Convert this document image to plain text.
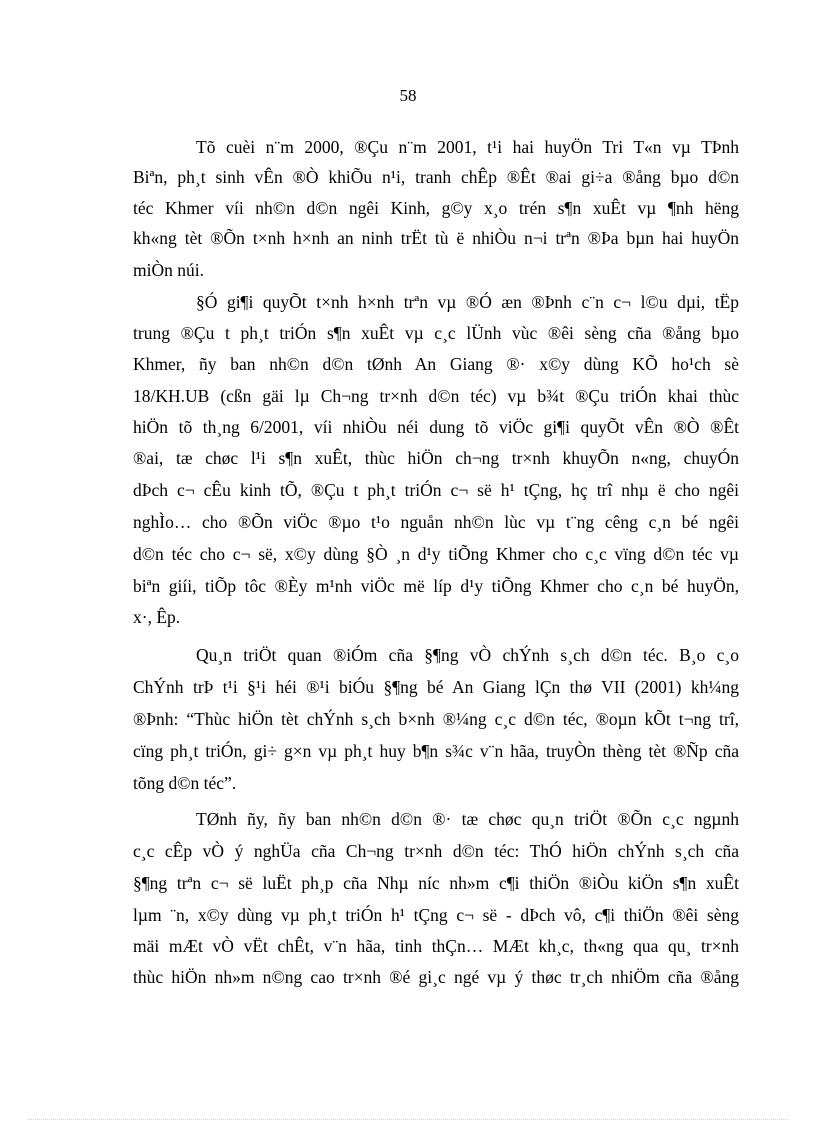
58
Tõ cuèi n¨m 2000, ®Çu n¨m 2001, t¹i hai huyÖn Tri T«n vµ TÞnh
Biªn, ph¸t sinh vÊn ®Ò khiÕu n¹i, tranh chÊp ®Êt ®ai gi÷a ®ång bµo d©n
téc Khmer víi nh©n d©n ngêi Kinh, g©y x¸o trén s¶n xuÊt vµ ¶nh hëng
kh«ng tèt ®Õn t×nh h×nh an ninh trËt tù ë nhiÒu n¬i trªn ®Þa bµn hai huyÖn
miÒn núi.
§Ó gi¶i quyÕt t×nh h×nh trªn vµ ®Ó æn ®Þnh c¨n c¬ l©u dµi, tËp
trung ®Çu t ph¸t triÓn s¶n xuÊt vµ c¸c lÜnh vùc ®êi sèng cña ®ång bµo
Khmer, ñy ban nh©n d©n tØnh An Giang ®· x©y dùng KÕ ho¹ch sè
18/KH.UB (cßn gäi lµ Ch¬ng tr×nh d©n téc) vµ b¾t ®Çu triÓn khai thùc
hiÖn tõ th¸ng 6/2001, víi nhiÒu néi dung tõ viÖc gi¶i quyÕt vÊn ®Ò ®Êt
®ai, tæ chøc l¹i s¶n xuÊt, thùc hiÖn ch¬ng tr×nh khuyÕn n«ng, chuyÓn
dÞch c¬ cÊu kinh tÕ, ®Çu t ph¸t triÓn c¬ së h¹ tÇng, hç trî nhµ ë cho ngêi
nghÌo… cho ®Õn viÖc ®µo t¹o nguån nh©n lùc vµ t¨ng cêng c¸n bé ngêi
d©n téc cho c¬ së, x©y dùng §Ò ¸n d¹y tiÕng Khmer cho c¸c vïng d©n téc vµ
biªn giíi, tiÕp tôc ®Èy m¹nh viÖc më líp d¹y tiÕng Khmer cho c¸n bé huyÖn,
x·, Êp.
Qu¸n triÖt quan ®iÓm cña §¶ng vÒ chÝnh s¸ch d©n téc. B¸o c¸o
ChÝnh trÞ t¹i §¹i héi ®¹i biÓu §¶ng bé An Giang lÇn thø VII (2001) kh¼ng
®Þnh: “Thùc hiÖn tèt chÝnh s¸ch b×nh ®¼ng c¸c d©n téc, ®oµn kÕt t¬ng trî,
cïng ph¸t triÓn, gi÷ g×n vµ ph¸t huy b¶n s¾c v¨n hãa, truyÒn thèng tèt ®Ñp cña
tõng d©n téc”.
TØnh ñy, ñy ban nh©n d©n ®· tæ chøc qu¸n triÖt ®Õn c¸c ngµnh
c¸c cÊp vÒ ý nghÜa cña Ch¬ng tr×nh d©n téc: ThÓ hiÖn chÝnh s¸ch cña
§¶ng trªn c¬ së luËt ph¸p cña Nhµ níc nh»m c¶i thiÖn ®iÒu kiÖn s¶n xuÊt
lµm ¨n, x©y dùng vµ ph¸t triÓn h¹ tÇng c¬ së - dÞch vô, c¶i thiÖn ®êi sèng
mäi mÆt vÒ vËt chÊt, v¨n hãa, tinh thÇn… MÆt kh¸c, th«ng qua qu¸ tr×nh
thùc hiÖn nh»m n©ng cao tr×nh ®é gi¸c ngé vµ ý thøc tr¸ch nhiÖm cña ®ång
